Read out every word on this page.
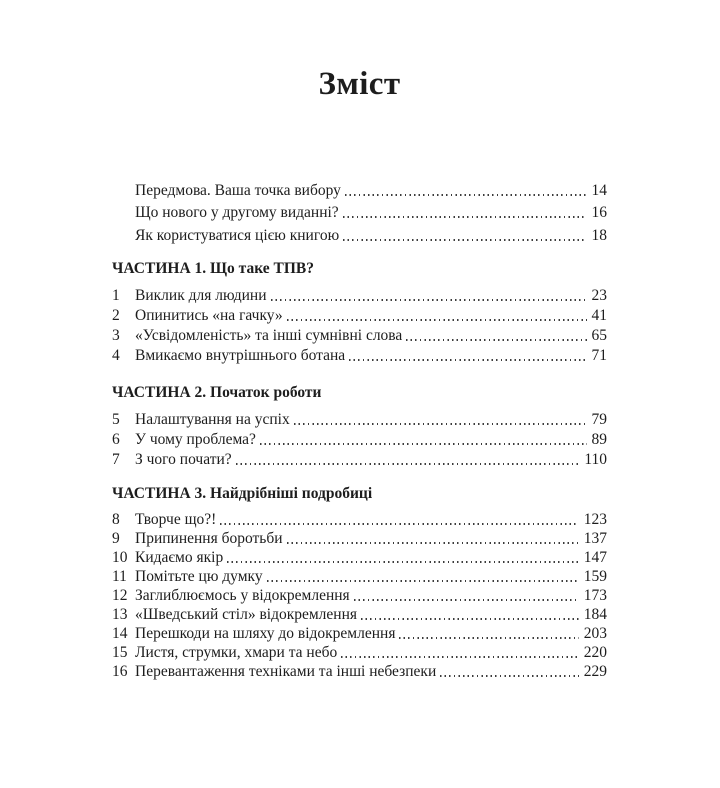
Зміст
Передмова. Ваша точка вибору	14
Що нового у другому виданні?	16
Як користуватися цією книгою	18
ЧАСТИНА 1. Що таке ТПВ?
1 Виклик для людини	23
2 Опинитись «на гачку»	41
3 «Усвідомленість» та інші сумнівні слова	65
4 Вмикаємо внутрішнього ботана	71
ЧАСТИНА 2. Початок роботи
5 Налаштування на успіх	79
6 У чому проблема?	89
7 З чого почати?	110
ЧАСТИНА 3. Найдрібніші подробиці
8 Творче що?!	123
9 Припинення боротьби	137
10 Кидаємо якір	147
11 Помітьте цю думку	159
12 Заглиблюємось у відокремлення	173
13 «Шведський стіл» відокремлення	184
14 Перешкоди на шляху до відокремлення	203
15 Листя, струмки, хмари та небо	220
16 Перевантаження техніками та інші небезпеки	229
